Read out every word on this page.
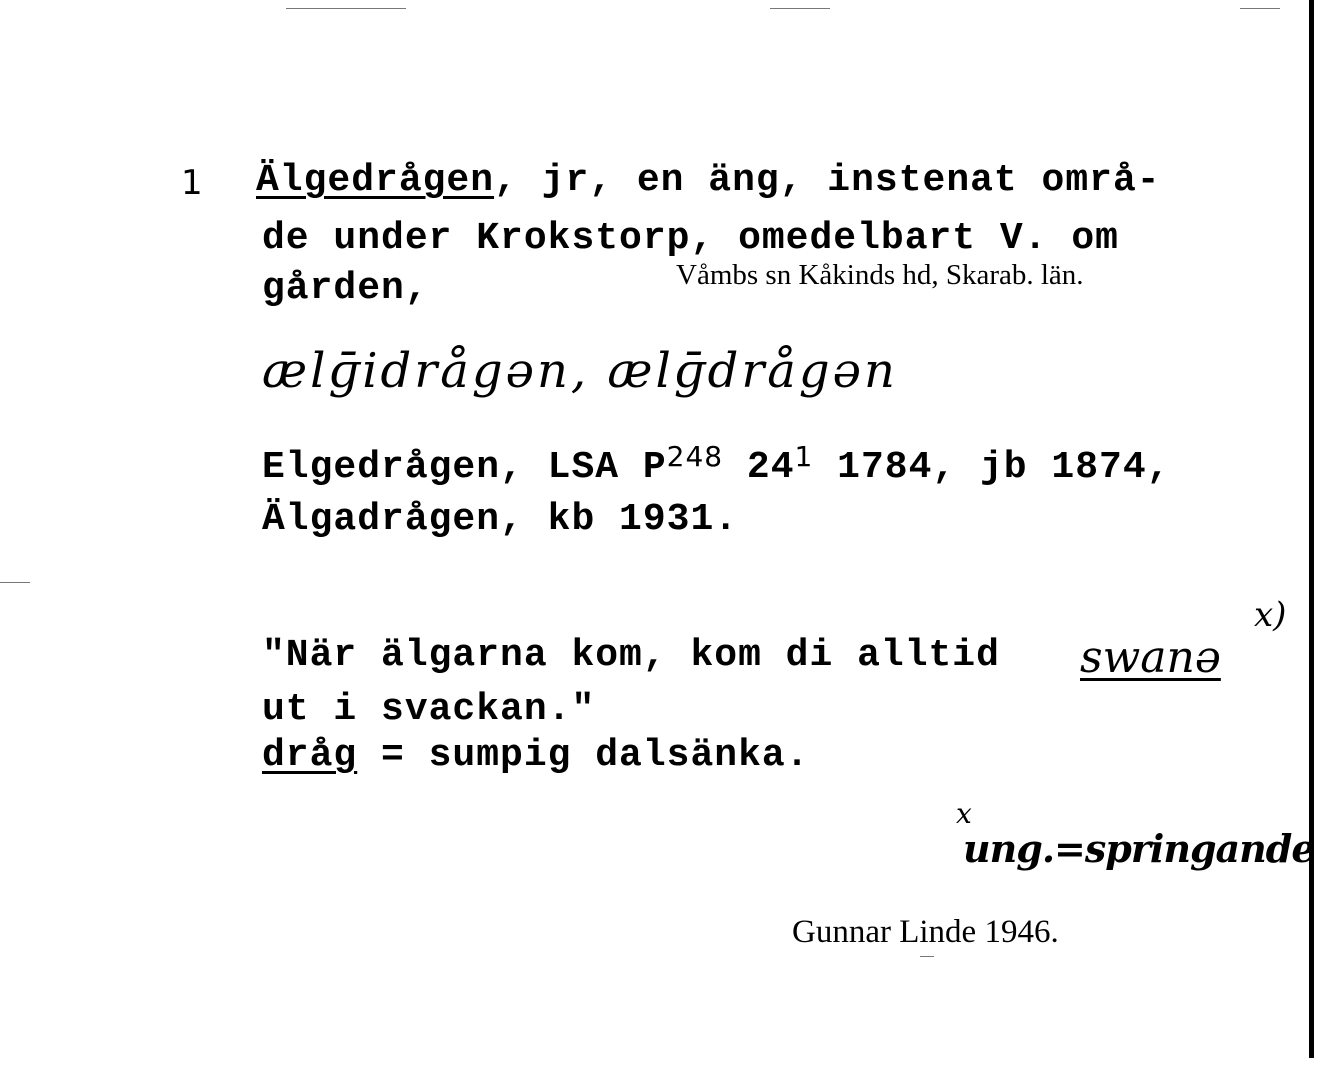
1 Älgedrågen, jr, en äng, instenat områ-
de under Krokstorp, omedelbart V. om
gården,	Våmbs sn Kåkinds hd, Skarab. län.
ælɡ̄idrågən, ælɡ̄drågən
Elgedrågen, LSA $P^{248}$ $24^1$ 1784, jb 1874,
Älgadrågen, kb 1931.
"När älgarna kom, kom di alltid swanə
x)
ut i svackan."
dråg = sumpig dalsänka.
x
ung.=springande
Gunnar Linde 1946.
